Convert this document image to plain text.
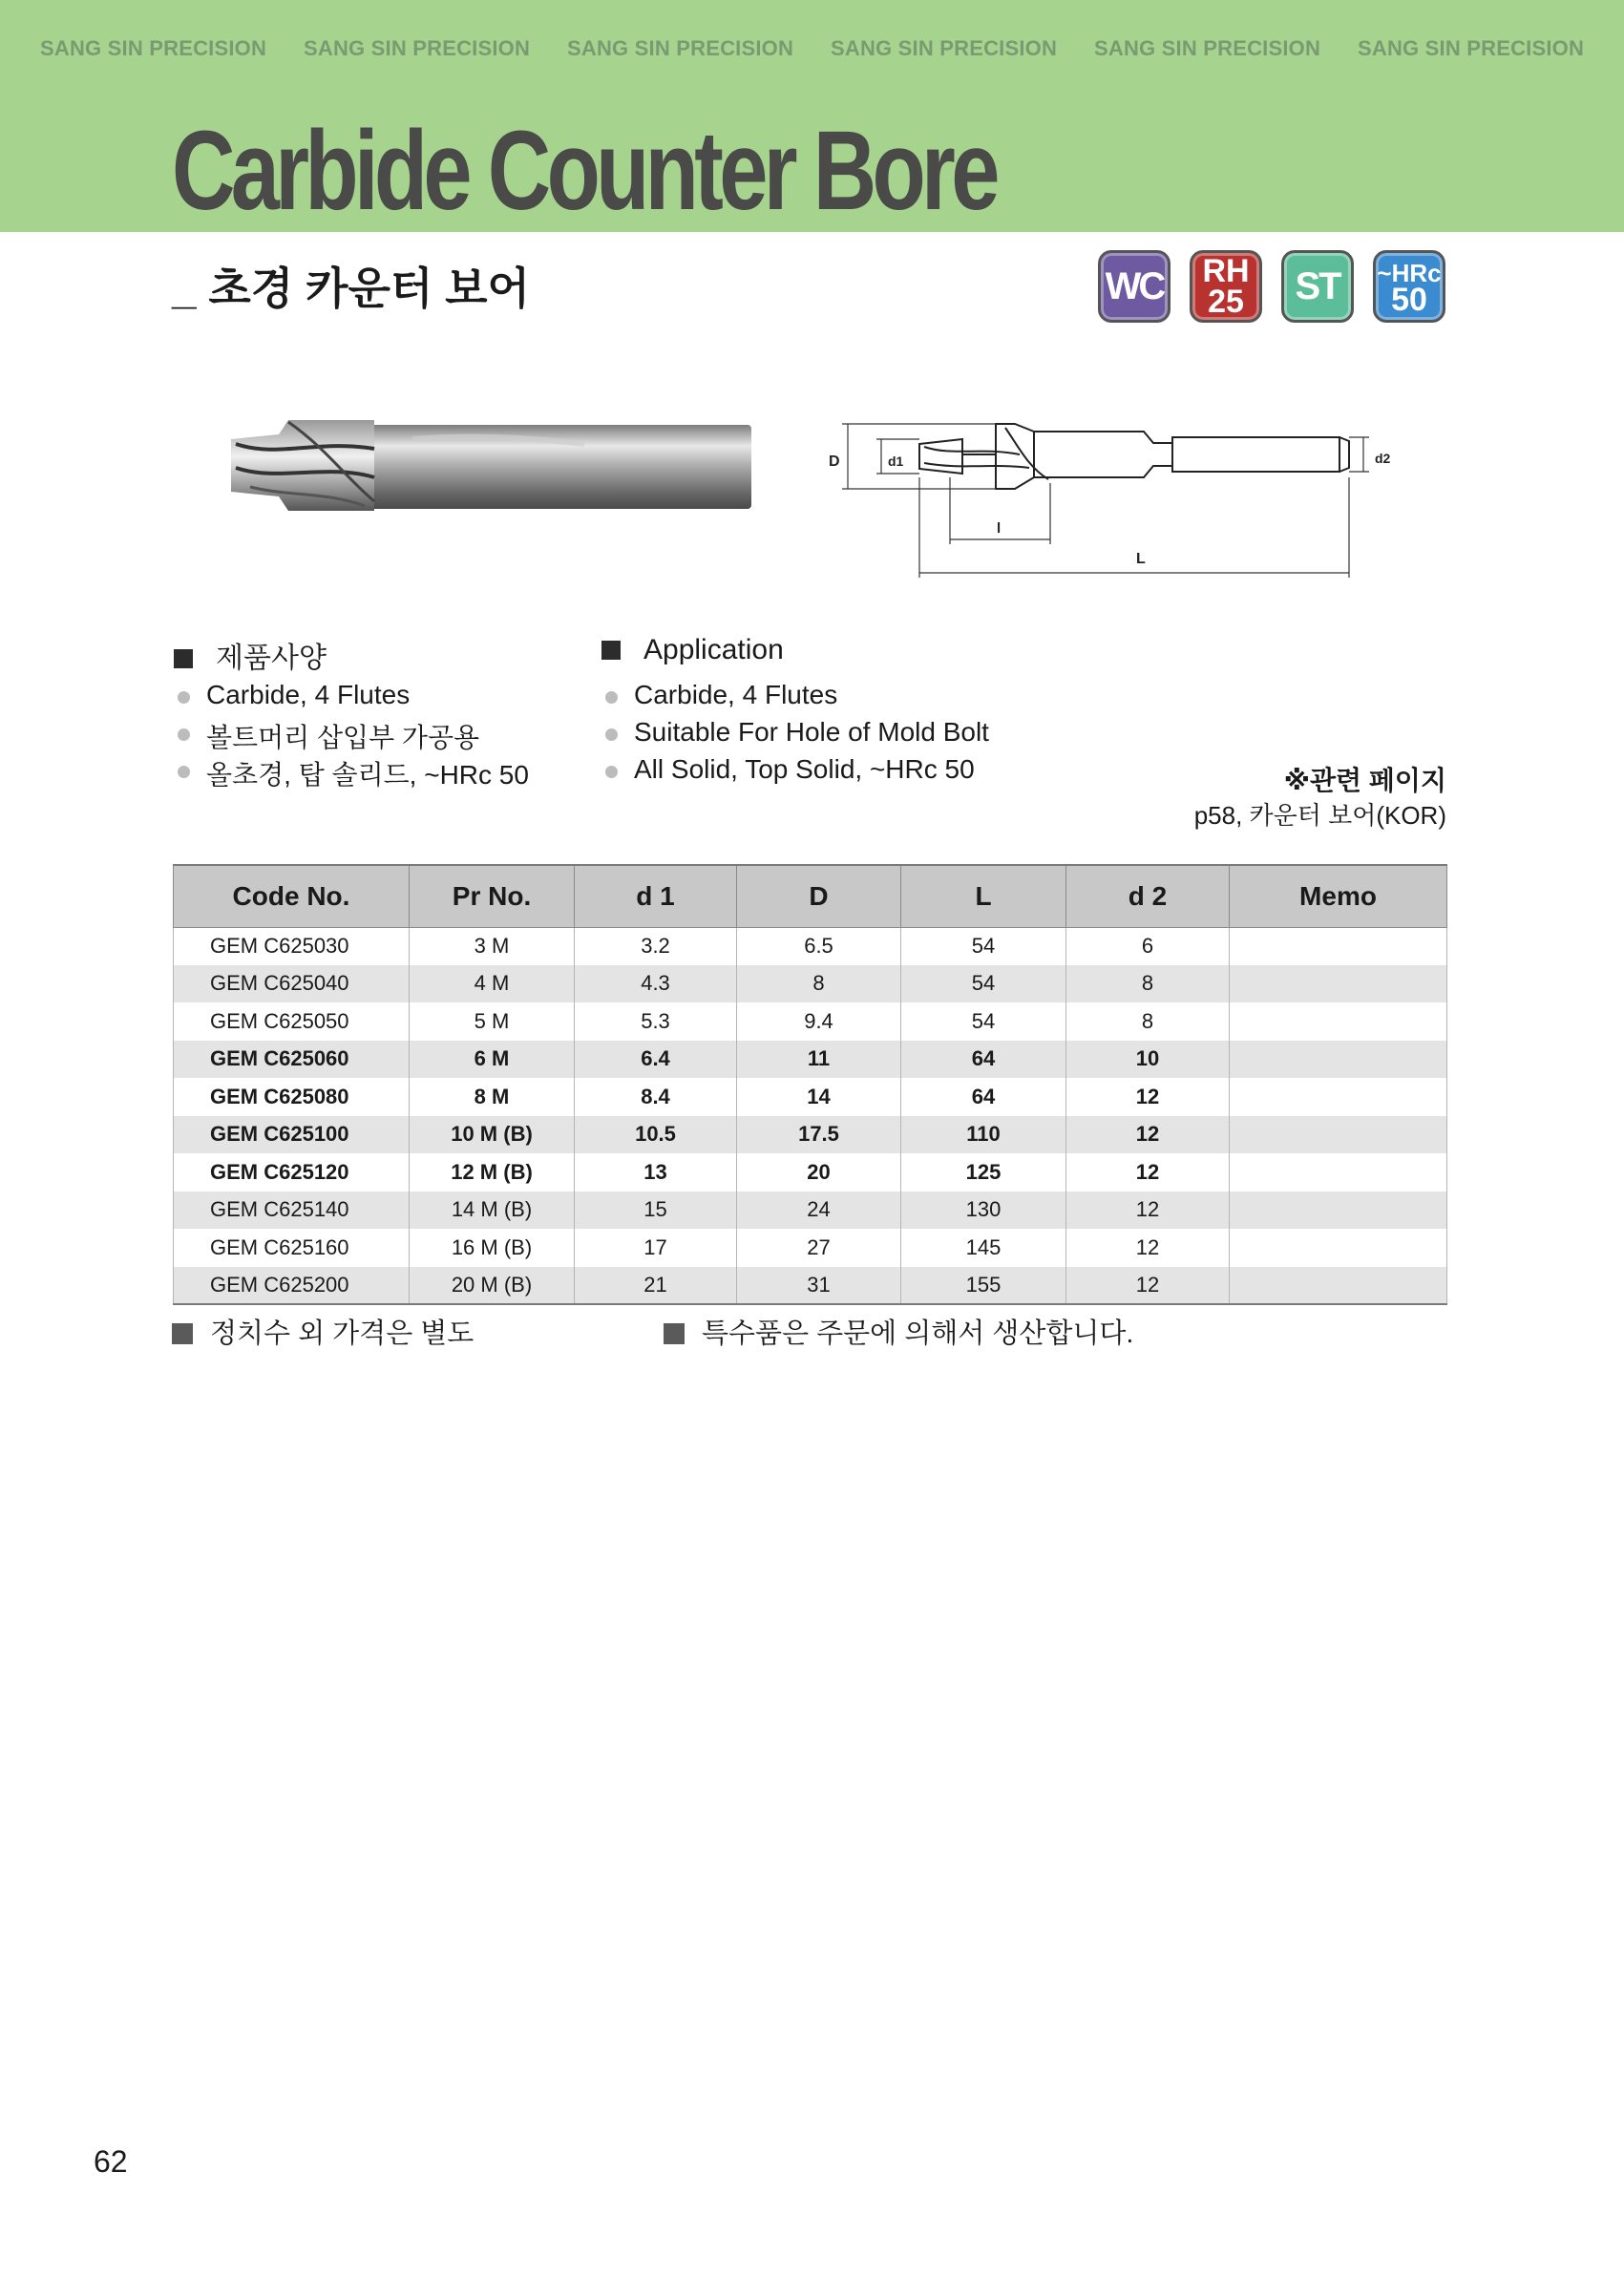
SANG SIN PRECISION SANG SIN PRECISION SANG SIN PRECISION SANG SIN PRECISION SANG SIN PRECISION SANG SIN PRECISION
Carbide Counter Bore
_ 초경 카운터 보어	WC RH
25 ST ~HRc
50
D	d1	d2
l
L
제품사양	Application
Carbide, 4 Flutes
볼트머리 삽입부 가공용
올초경, 탑 솔리드, ~HRc 50
Carbide, 4 Flutes
Suitable For Hole of Mold Bolt
All Solid, Top Solid, ~HRc 50	※관련 페이지
p58, 카운터 보어(KOR)
Code No.	Pr No.	d 1	D	L	d 2	Memo
GEM C625030	3 M	3.2	6.5	54	6	
GEM C625040	4 M	4.3	8	54	8	
GEM C625050	5 M	5.3	9.4	54	8	
GEM C625060	6 M	6.4	11	64	10	
GEM C625080	8 M	8.4	14	64	12	
GEM C625100	10 M (B)	10.5	17.5	110	12	
GEM C625120	12 M (B)	13	20	125	12	
GEM C625140	14 M (B)	15	24	130	12	
GEM C625160	16 M (B)	17	27	145	12	
GEM C625200	20 M (B)	21	31	155	12	
정치수 외 가격은 별도	특수품은 주문에 의해서 생산합니다.
62
